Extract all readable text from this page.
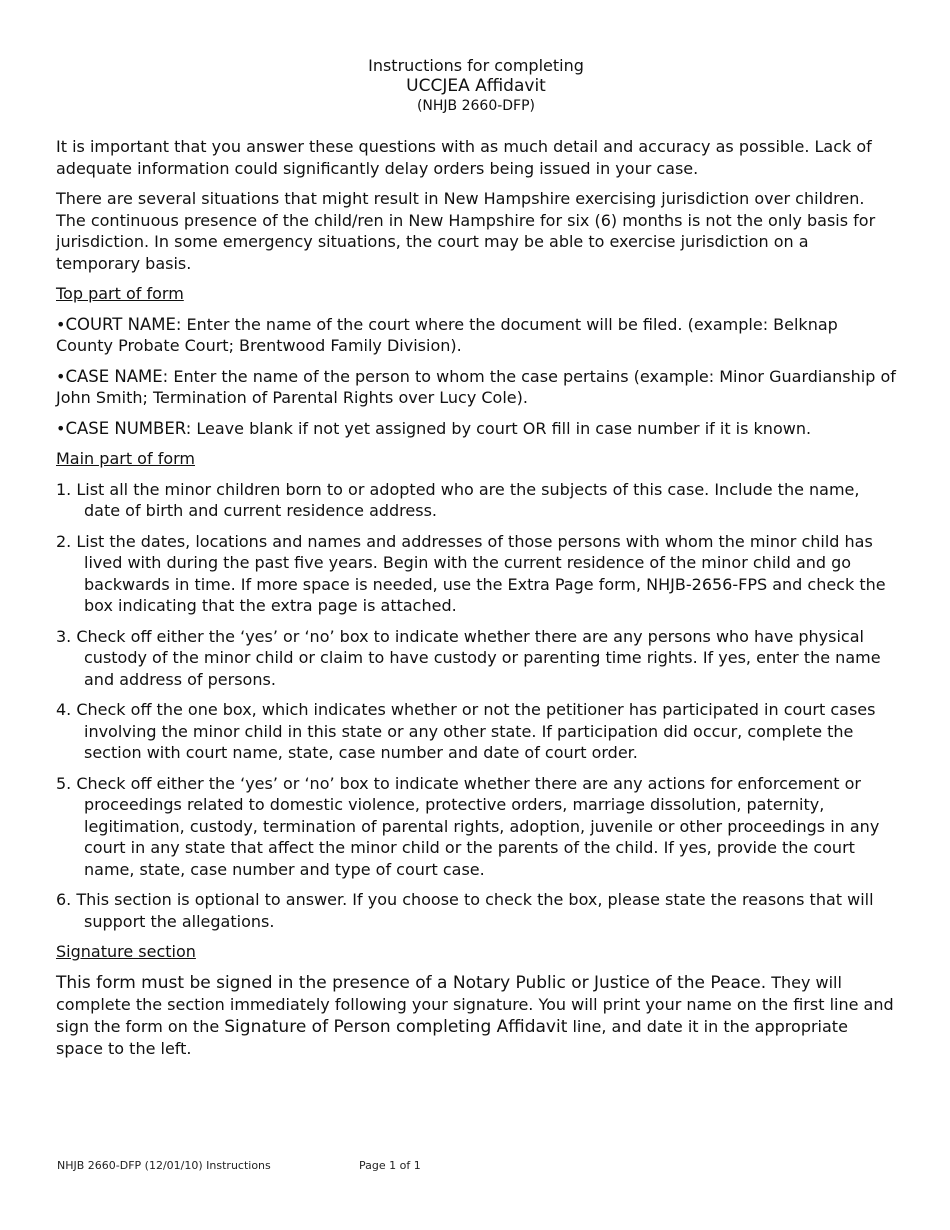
Instructions for completing
UCCJEA Affidavit
(NHJB 2660-DFP)

It is important that you answer these questions with as much detail and accuracy as possible. Lack of adequate information could significantly delay orders being issued in your case.

There are several situations that might result in New Hampshire exercising jurisdiction over children. The continuous presence of the child/ren in New Hampshire for six (6) months is not the only basis for jurisdiction. In some emergency situations, the court may be able to exercise jurisdiction on a temporary basis.

Top part of form

•COURT NAME: Enter the name of the court where the document will be filed. (example: Belknap County Probate Court; Brentwood Family Division).

•CASE NAME: Enter the name of the person to whom the case pertains (example: Minor Guardianship of John Smith; Termination of Parental Rights over Lucy Cole).

•CASE NUMBER: Leave blank if not yet assigned by court OR fill in case number if it is known.

Main part of form

1. List all the minor children born to or adopted who are the subjects of this case. Include the name, date of birth and current residence address.

2. List the dates, locations and names and addresses of those persons with whom the minor child has lived with during the past five years. Begin with the current residence of the minor child and go backwards in time. If more space is needed, use the Extra Page form, NHJB-2656-FPS and check the box indicating that the extra page is attached.

3. Check off either the ‘yes’ or ‘no’ box to indicate whether there are any persons who have physical custody of the minor child or claim to have custody or parenting time rights. If yes, enter the name and address of persons.

4. Check off the one box, which indicates whether or not the petitioner has participated in court cases involving the minor child in this state or any other state. If participation did occur, complete the section with court name, state, case number and date of court order.

5. Check off either the ‘yes’ or ‘no’ box to indicate whether there are any actions for enforcement or proceedings related to domestic violence, protective orders, marriage dissolution, paternity, legitimation, custody, termination of parental rights, adoption, juvenile or other proceedings in any court in any state that affect the minor child or the parents of the child. If yes, provide the court name, state, case number and type of court case.

6. This section is optional to answer. If you choose to check the box, please state the reasons that will support the allegations.

Signature section

This form must be signed in the presence of a Notary Public or Justice of the Peace. They will complete the section immediately following your signature. You will print your name on the first line and sign the form on the Signature of Person completing Affidavit line, and date it in the appropriate space to the left.

NHJB 2660-DFP (12/01/10) Instructions	Page 1 of 1
